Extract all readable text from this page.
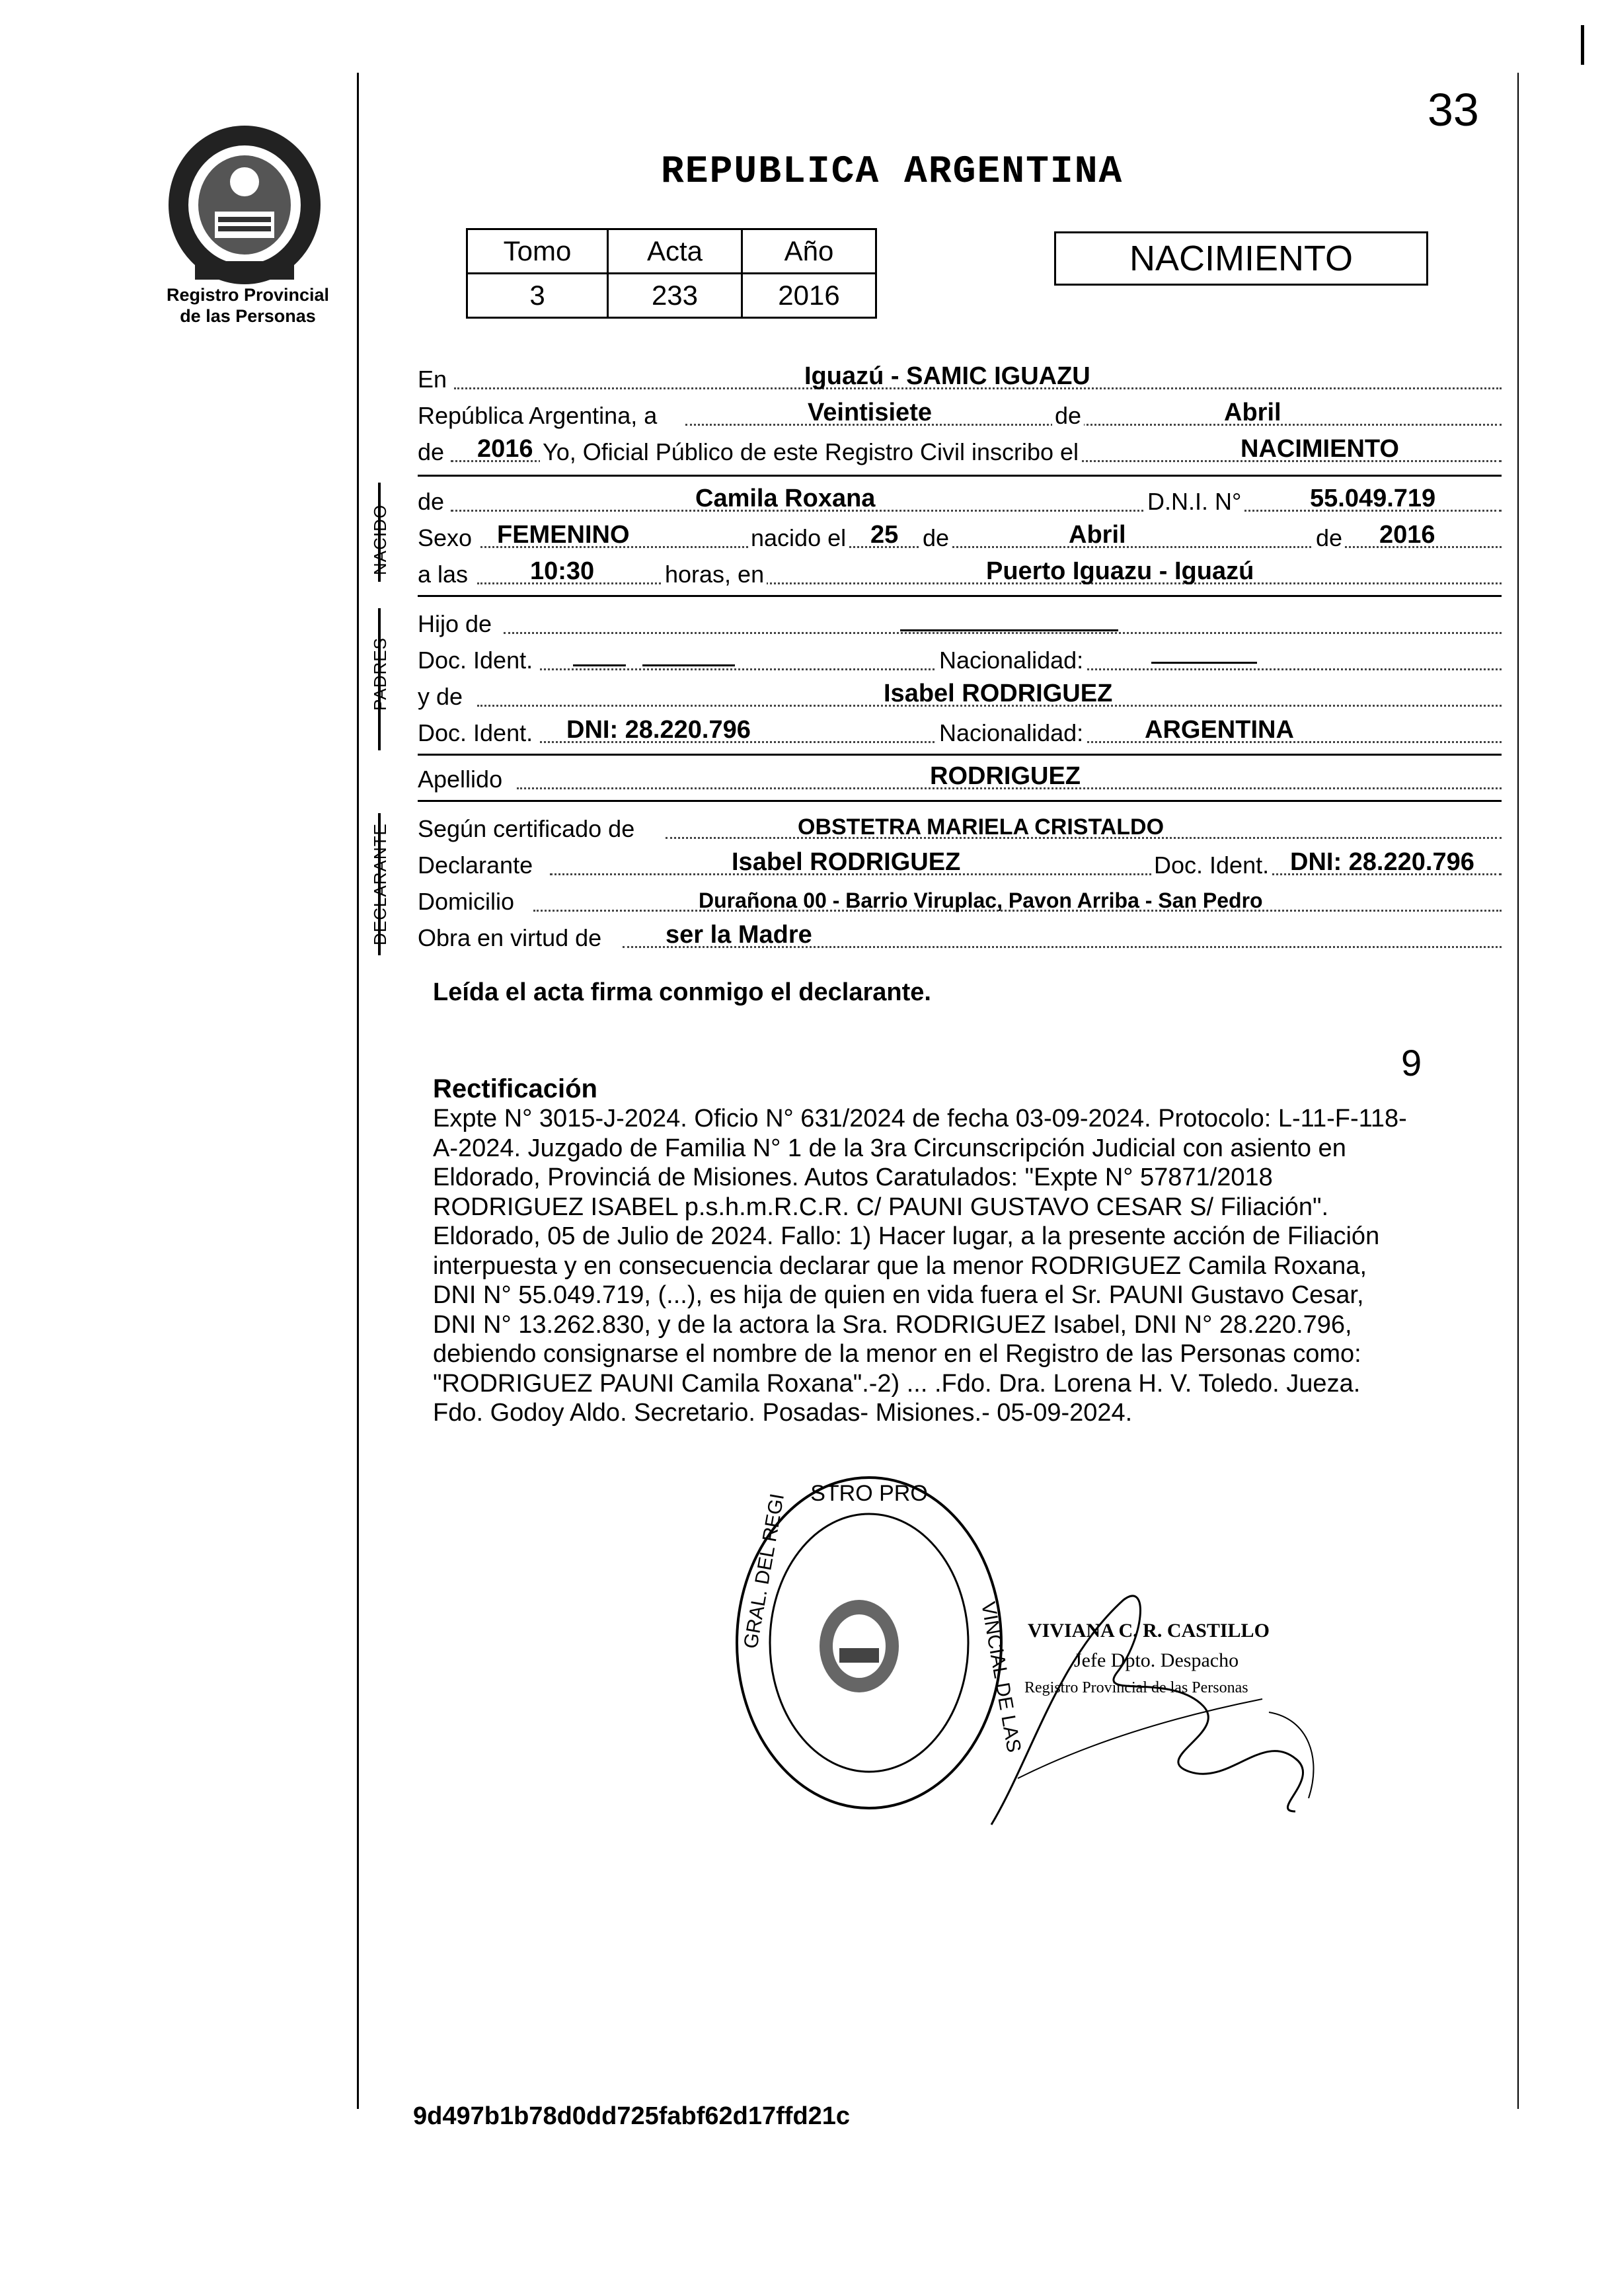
33
Registro Provincial
de las Personas
REPUBLICA ARGENTINA
Tomo	Acta	Año
3	233	2016
NACIMIENTO
En	Iguazú - SAMIC IGUAZU
República Argentina, a	Veintisiete	de	Abril
de 2016 Yo, Oficial Público de este Registro Civil inscribo el	NACIMIENTO
NACIDO
de	Camila Roxana	D.N.I. N°	55.049.719
Sexo FEMENINO	nacido el 25 de	Abril	de 2016
a las 10:30	horas, en	Puerto Iguazu - Iguazú
PADRES
Hijo de
Doc. Ident.	Nacionalidad:
y de	Isabel RODRIGUEZ
Doc. Ident. DNI: 28.220.796	Nacionalidad: ARGENTINA
Apellido	RODRIGUEZ
DECLARANTE Según certificado de	OBSTETRA MARIELA CRISTALDO
Declarante	Isabel RODRIGUEZ	Doc. Ident. DNI: 28.220.796
Domicilio	Durañona 00 - Barrio Viruplac, Pavon Arriba - San Pedro
Obra en virtud de	ser la Madre
Leída el acta firma conmigo el declarante.
9
Rectificación
Expte N° 3015-J-2024. Oficio N° 631/2024 de fecha 03-09-2024. Protocolo: L-11-F-118-
A-2024. Juzgado de Familia N° 1 de la 3ra Circunscripción Judicial con asiento en
Eldorado, Provinciá de Misiones. Autos Caratulados: "Expte N° 57871/2018
RODRIGUEZ ISABEL p.s.h.m.R.C.R. C/ PAUNI GUSTAVO CESAR S/ Filiación".
Eldorado, 05 de Julio de 2024. Fallo: 1) Hacer lugar, a la presente acción de Filiación
interpuesta y en consecuencia declarar que la menor RODRIGUEZ Camila Roxana,
DNI N° 55.049.719, (...), es hija de quien en vida fuera el Sr. PAUNI Gustavo Cesar,
DNI N° 13.262.830, y de la actora la Sra. RODRIGUEZ Isabel, DNI N° 28.220.796,
debiendo consignarse el nombre de la menor en el Registro de las Personas como:
"RODRIGUEZ PAUNI Camila Roxana".-2) ... .Fdo. Dra. Lorena H. V. Toledo. Jueza.
Fdo. Godoy Aldo. Secretario. Posadas- Misiones.- 05-09-2024.
STRO PRO
GRAL. DEL REGI
VINCIAL DE LAS VIVIANA C. R. CASTILLO
Jefe Dpto. Despacho
Registro Provincial de las Personas
9d497b1b78d0dd725fabf62d17ffd21c
